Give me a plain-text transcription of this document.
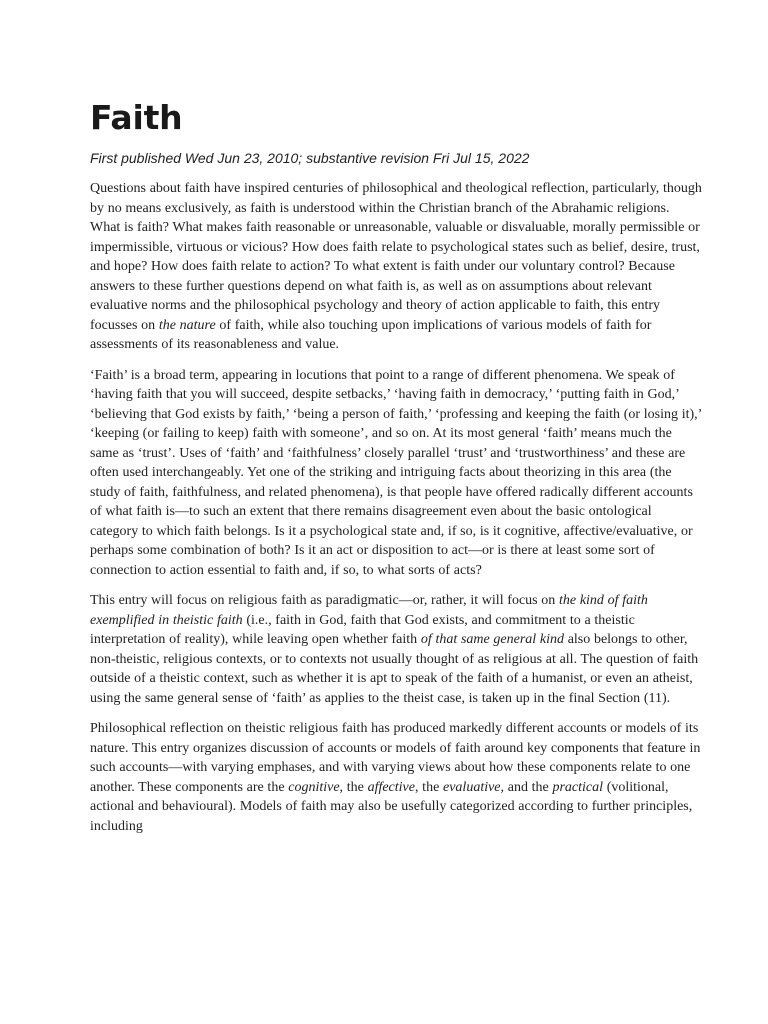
Faith
First published Wed Jun 23, 2010; substantive revision Fri Jul 15, 2022

Questions about faith have inspired centuries of philosophical and theological reflection, particularly, though by no means exclusively, as faith is understood within the Christian branch of the Abrahamic religions. What is faith? What makes faith reasonable or unreasonable, valuable or disvaluable, morally permissible or impermissible, virtuous or vicious? How does faith relate to psychological states such as belief, desire, trust, and hope? How does faith relate to action? To what extent is faith under our voluntary control? Because answers to these further questions depend on what faith is, as well as on assumptions about relevant evaluative norms and the philosophical psychology and theory of action applicable to faith, this entry focusses on the nature of faith, while also touching upon implications of various models of faith for assessments of its reasonableness and value.

‘Faith’ is a broad term, appearing in locutions that point to a range of different phenomena. We speak of ‘having faith that you will succeed, despite setbacks,’ ‘having faith in democracy,’ ‘putting faith in God,’ ‘believing that God exists by faith,’ ‘being a person of faith,’ ‘professing and keeping the faith (or losing it),’ ‘keeping (or failing to keep) faith with someone’, and so on. At its most general ‘faith’ means much the same as ‘trust’. Uses of ‘faith’ and ‘faithfulness’ closely parallel ‘trust’ and ‘trustworthiness’ and these are often used interchangeably. Yet one of the striking and intriguing facts about theorizing in this area (the study of faith, faithfulness, and related phenomena), is that people have offered radically different accounts of what faith is—to such an extent that there remains disagreement even about the basic ontological category to which faith belongs. Is it a psychological state and, if so, is it cognitive, affective/evaluative, or perhaps some combination of both? Is it an act or disposition to act—or is there at least some sort of connection to action essential to faith and, if so, to what sorts of acts?

This entry will focus on religious faith as paradigmatic—or, rather, it will focus on the kind of faith exemplified in theistic faith (i.e., faith in God, faith that God exists, and commitment to a theistic interpretation of reality), while leaving open whether faith of that same general kind also belongs to other, non-theistic, religious contexts, or to contexts not usually thought of as religious at all. The question of faith outside of a theistic context, such as whether it is apt to speak of the faith of a humanist, or even an atheist, using the same general sense of ‘faith’ as applies to the theist case, is taken up in the final Section (11).

Philosophical reflection on theistic religious faith has produced markedly different accounts or models of its nature. This entry organizes discussion of accounts or models of faith around key components that feature in such accounts—with varying emphases, and with varying views about how these components relate to one another. These components are the cognitive, the affective, the evaluative, and the practical (volitional, actional and behavioural). Models of faith may also be usefully categorized according to further principles, including
